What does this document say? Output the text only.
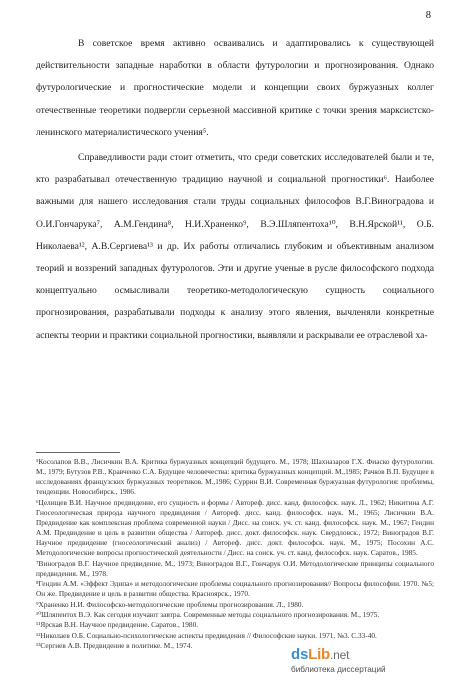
8

В советское время активно осваивались и адаптировались к существующей действительности западные наработки в области футурологии и прогнозирования. Однако футурологические и прогностические модели и концепции своих буржуазных коллег отечественные теоретики подвергли серьезной массивной критике с точки зрения марксистско-ленинского материалистического учения⁵.

Справедливости ради стоит отметить, что среди советских исследователей были и те, кто разрабатывал отечественную традицию научной и социальной прогностики⁶. Наиболее важными для нашего исследования стали труды социальных философов В.Г.Виноградова и О.И.Гончарука⁷, А.М.Гендина⁸, Н.И.Храненко⁹, В.Э.Шляпентоха¹⁰, В.Н.Ярской¹¹, О.Б. Николаева¹², А.В.Сергиева¹³ и др. Их работы отличались глубоким и объективным анализом теорий и воззрений западных футурологов. Эти и другие ученые в русле философского подхода концептуально осмысливали теоретико-методологическую сущность социального прогнозирования, разрабатывали подходы к анализу этого явления, вычленяли конкретные аспекты теории и практики социальной прогностики, выявляли и раскрывали ее отраслевой ха-

⁵Косолапов В.В., Лисичкин В.А. Критика буржуазных концепций будущего. М., 1978; Шахназаров Г.Х. Фиаско футурологии. М., 1979; Бутузов Р.В., Кравченко С.А. Будущее человечества: критика буржуазных концепций. М.,1985; Рачков В.П. Будущее в исследованиях французских буржуазных теоретиков. М.,1986; Суррин В.И. Современная буржуазная футурология: проблемы, тенденции. Новосибирск., 1986.
⁶Целищев В.И. Научное предвидение, его сущность и формы / Автореф. дисс. канд. философск. наук. Л., 1962; Никитина А.Г. Гносеологическая природа научного предвидения / Автореф. дисс. канд. философск. наук. М., 1965; Лисичкин В.А. Предвидение как комплексная проблема современной науки / Дисс. на соиск. уч. ст. канд. философск. наук. М., 1967; Гендин А.М. Предвидение и цель в развитии общества / Автореф. дисс. докт. философск. наук. Свердловск., 1972; Виноградов В.Г. Научное предвидение (гносеологический анализ) / Автореф. дисс. докт. философск. наук. М., 1975; Посохин А.С. Методологические вопросы прогностической деятельности / Дисс. на соиск. уч. ст. канд. философск. наук. Саратов., 1985.
⁷Виноградов В.Г. Научное предвидение. М., 1973; Виноградов В.Г., Гончарук О.И. Методологические принципы социального предвидения. М., 1978.
⁸Гендин А.М. «Эффект Эдипа» и методологические проблемы социального прогнозирования// Вопросы философии. 1970. №5; Он же. Предвидение и цель в развитии общества. Красноярск., 1970.
⁹Храненко Н.И. Философско-методологические проблемы прогнозирования. Л., 1980.
¹⁰Шляпентох В.Э. Как сегодня изучают завтра. Современные методы социального прогнозирования. М., 1975.
¹¹Ярская В.Н. Научное предвидение. Саратов., 1980.
¹²Николаев О.Б. Социально-психологические аспекты предвидения // Философские науки. 1971. №3. С.33-40.
¹³Сергиев А.В. Предвидение в политике. М., 1974.
dsLib.net
библиотека диссертаций
